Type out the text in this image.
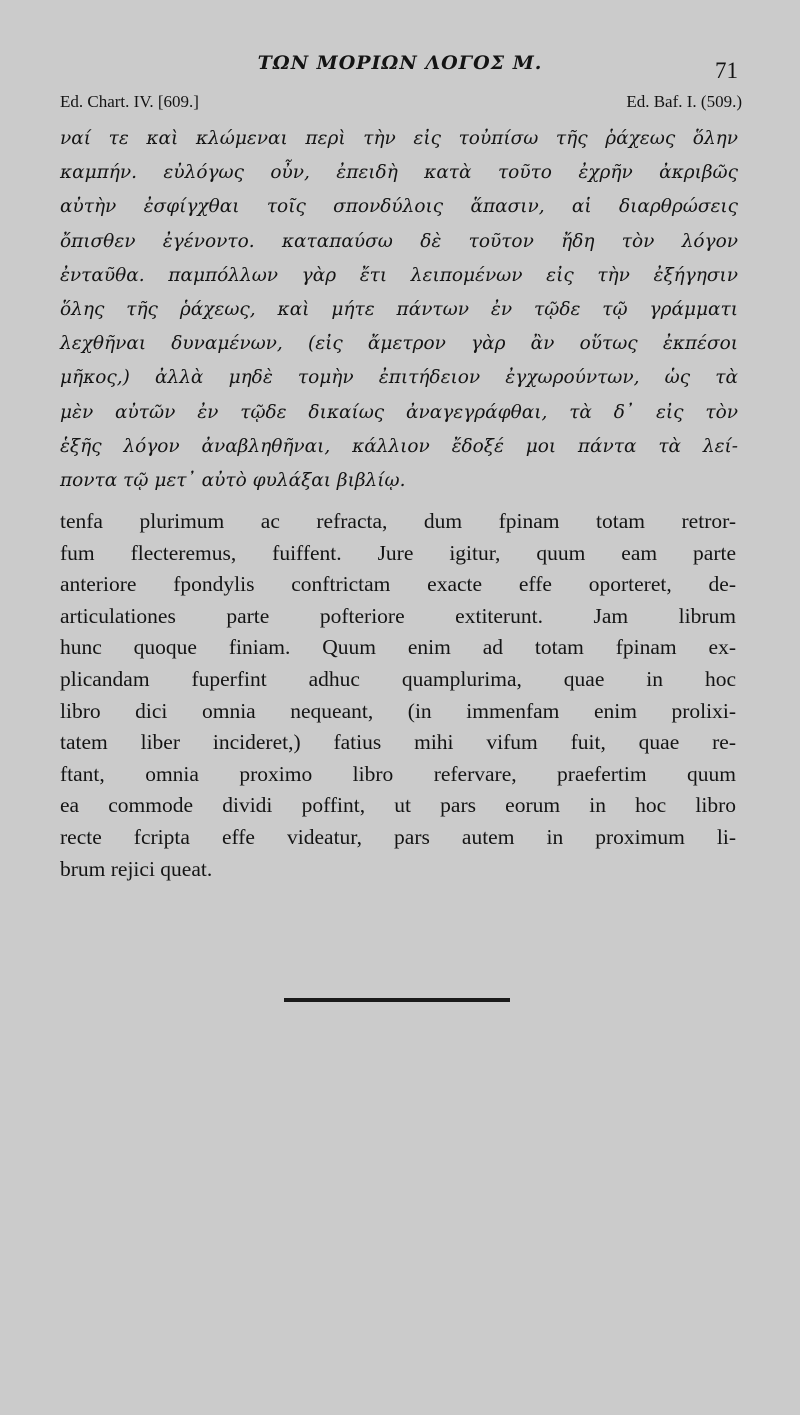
ΤΩΝ ΜΟΡΙΩΝ ΛΟΓΟΣ Μ.	71
Ed. Chart. IV. [609.]	Ed. Baf. I. (509.)
ναί τε καὶ κλώμεναι περὶ τὴν εἰς τοὐπίσω τῆς ῥάχεως ὅλην
καμπήν. εὐλόγως οὖν, ἐπειδὴ κατὰ τοῦτο ἐχρῆν ἀκριβῶς
αὐτὴν ἐσφίγχθαι τοῖς σπονδύλοις ἅπασιν, αἱ διαρθρώσεις
ὄπισθεν ἐγένοντο. καταπαύσω δὲ τοῦτον ἤδη τὸν λόγον
ἐνταῦθα. παμπόλλων γὰρ ἔτι λειπομένων εἰς τὴν ἐξήγησιν
ὅλης τῆς ῥάχεως, καὶ μήτε πάντων ἐν τῷδε τῷ γράμματι
λεχθῆναι δυναμένων, (εἰς ἄμετρον γὰρ ἂν οὕτως ἐκπέσοι
μῆκος,) ἀλλὰ μηδὲ τομὴν ἐπιτήδειον ἐγχωρούντων, ὡς τὰ
μὲν αὐτῶν ἐν τῷδε δικαίως ἀναγεγράφθαι, τὰ δ᾽ εἰς τὸν
ἑξῆς λόγον ἀναβληθῆναι, κάλλιον ἔδοξέ μοι πάντα τὰ λεί-
ποντα τῷ μετ᾽ αὐτὸ φυλάξαι βιβλίῳ.
tenfa plurimum ac refracta, dum fpinam totam retror-
fum flecteremus, fuiffent. Jure igitur, quum eam parte
anteriore fpondylis conftrictam exacte effe oporteret, de-
articulationes parte pofteriore extiterunt. Jam librum
hunc quoque finiam. Quum enim ad totam fpinam ex-
plicandam fuperfint adhuc quamplurima, quae in hoc
libro dici omnia nequeant, (in immenfam enim prolixi-
tatem liber incideret,) fatius mihi vifum fuit, quae re-
ftant, omnia proximo libro refervare, praefertim quum
ea commode dividi poffint, ut pars eorum in hoc libro
recte fcripta effe videatur, pars autem in proximum li-
brum rejici queat.
